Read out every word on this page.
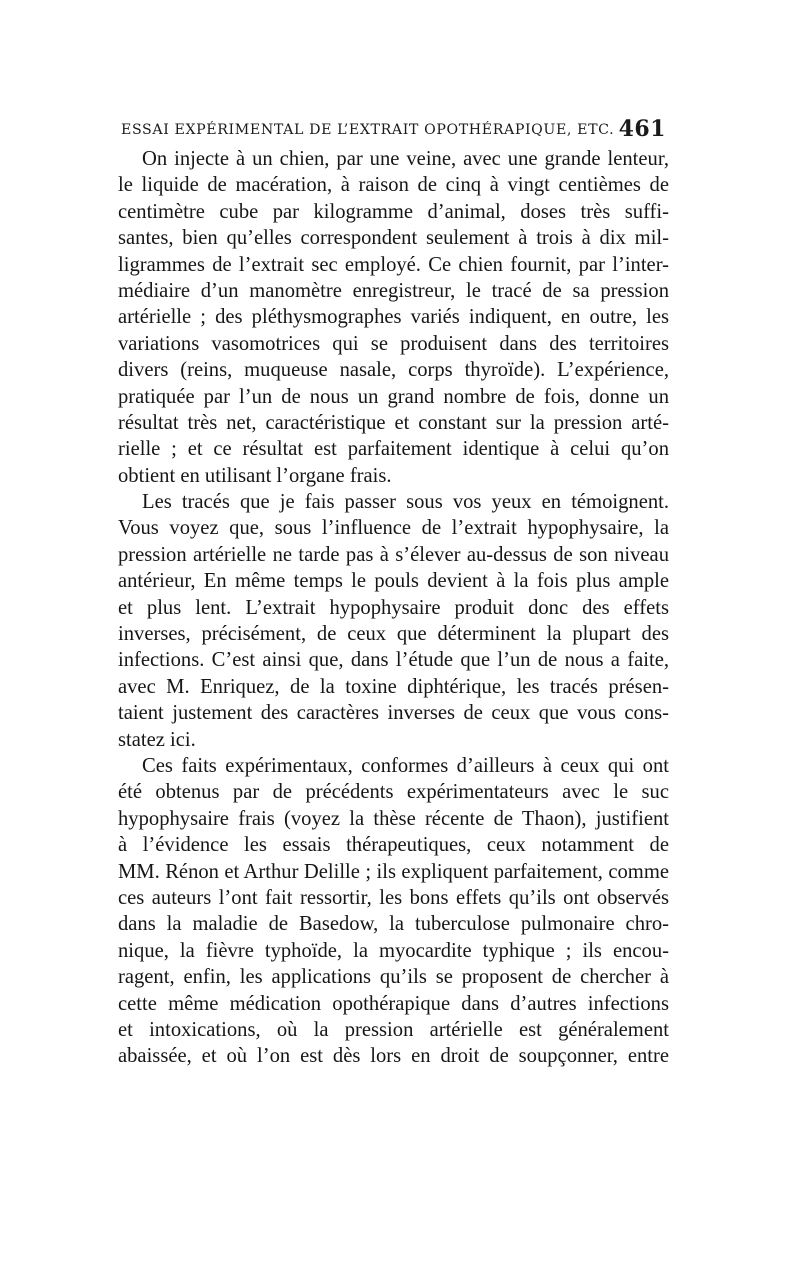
ESSAI EXPÉRIMENTAL DE L’EXTRAIT OPOTHÉRAPIQUE, ETC. 461
On injecte à un chien, par une veine, avec une grande lenteur,
le liquide de macération, à raison de cinq à vingt centièmes de
centimètre cube par kilogramme d’animal, doses très suffi-
santes, bien qu’elles correspondent seulement à trois à dix mil-
ligrammes de l’extrait sec employé. Ce chien fournit, par l’inter-
médiaire d’un manomètre enregistreur, le tracé de sa pression
artérielle ; des pléthysmographes variés indiquent, en outre, les
variations vasomotrices qui se produisent dans des territoires
divers (reins, muqueuse nasale, corps thyroïde). L’expérience,
pratiquée par l’un de nous un grand nombre de fois, donne un
résultat très net, caractéristique et constant sur la pression arté-
rielle ; et ce résultat est parfaitement identique à celui qu’on
obtient en utilisant l’organe frais.
Les tracés que je fais passer sous vos yeux en témoignent.
Vous voyez que, sous l’influence de l’extrait hypophysaire, la
pression artérielle ne tarde pas à s’élever au-dessus de son niveau
antérieur, En même temps le pouls devient à la fois plus ample
et plus lent. L’extrait hypophysaire produit donc des effets
inverses, précisément, de ceux que déterminent la plupart des
infections. C’est ainsi que, dans l’étude que l’un de nous a faite,
avec M. Enriquez, de la toxine diphtérique, les tracés présen-
taient justement des caractères inverses de ceux que vous cons-
statez ici.
Ces faits expérimentaux, conformes d’ailleurs à ceux qui ont
été obtenus par de précédents expérimentateurs avec le suc
hypophysaire frais (voyez la thèse récente de Thaon), justifient
à l’évidence les essais thérapeutiques, ceux notamment de
MM. Rénon et Arthur Delille ; ils expliquent parfaitement, comme
ces auteurs l’ont fait ressortir, les bons effets qu’ils ont observés
dans la maladie de Basedow, la tuberculose pulmonaire chro-
nique, la fièvre typhoïde, la myocardite typhique ; ils encou-
ragent, enfin, les applications qu’ils se proposent de chercher à
cette même médication opothérapique dans d’autres infections
et intoxications, où la pression artérielle est généralement
abaissée, et où l’on est dès lors en droit de soupçonner, entre
